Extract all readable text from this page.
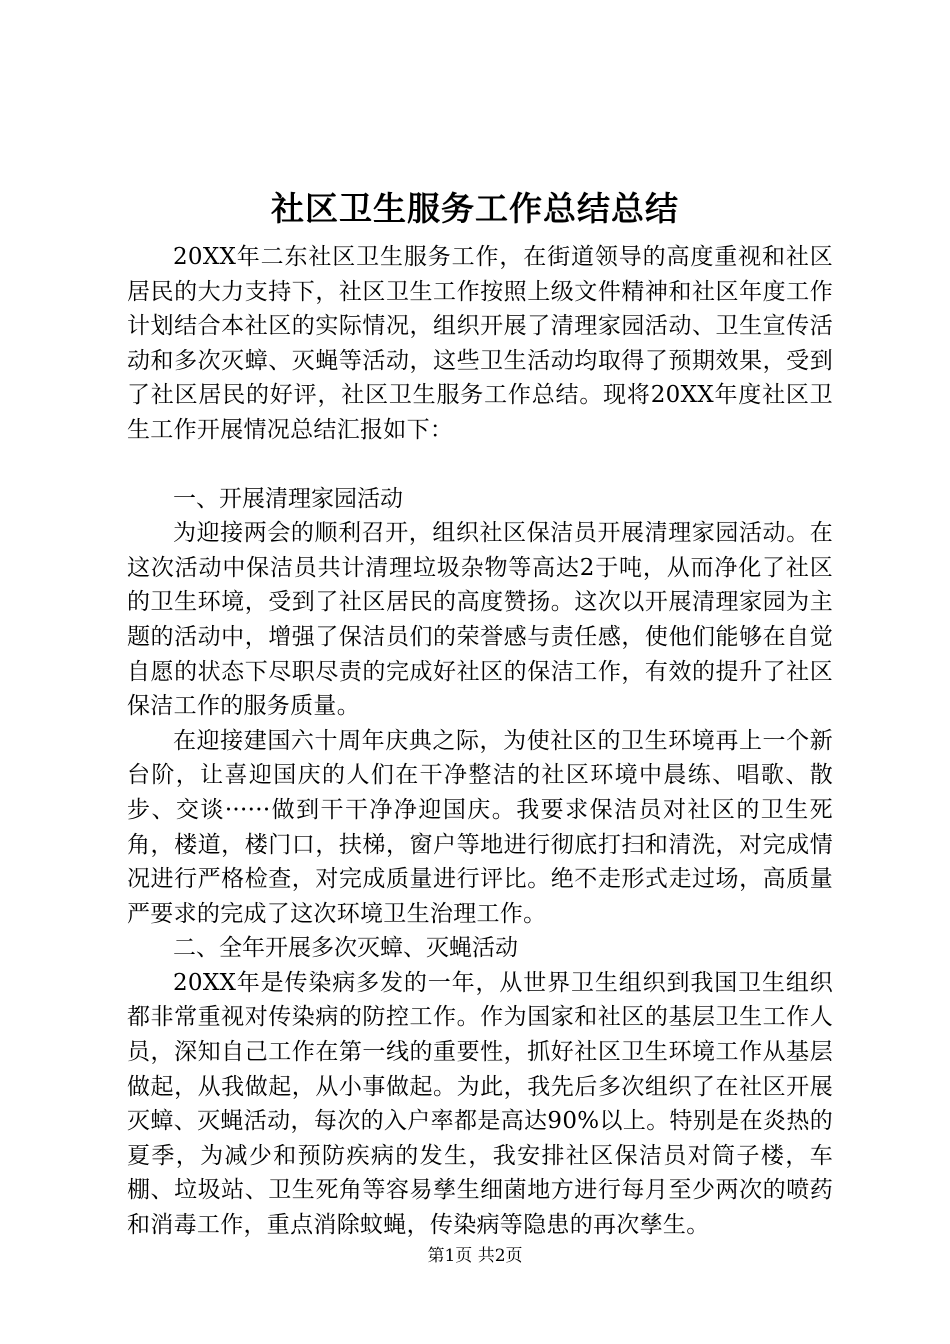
社区卫生服务工作总结总结

20XX年二东社区卫生服务工作，在街道领导的高度重视和社区居民的大力支持下，社区卫生工作按照上级文件精神和社区年度工作计划结合本社区的实际情况，组织开展了清理家园活动、卫生宣传活动和多次灭蟑、灭蝇等活动，这些卫生活动均取得了预期效果，受到了社区居民的好评，社区卫生服务工作总结。现将20XX年度社区卫生工作开展情况总结汇报如下：

一、开展清理家园活动

为迎接两会的顺利召开，组织社区保洁员开展清理家园活动。在这次活动中保洁员共计清理垃圾杂物等高达2于吨，从而净化了社区的卫生环境，受到了社区居民的高度赞扬。这次以开展清理家园为主题的活动中，增强了保洁员们的荣誉感与责任感，使他们能够在自觉自愿的状态下尽职尽责的完成好社区的保洁工作，有效的提升了社区保洁工作的服务质量。

在迎接建国六十周年庆典之际，为使社区的卫生环境再上一个新台阶，让喜迎国庆的人们在干净整洁的社区环境中晨练、唱歌、散步、交谈······做到干干净净迎国庆。我要求保洁员对社区的卫生死角，楼道，楼门口，扶梯，窗户等地进行彻底打扫和清洗，对完成情况进行严格检查，对完成质量进行评比。绝不走形式走过场，高质量严要求的完成了这次环境卫生治理工作。

二、全年开展多次灭蟑、灭蝇活动

20XX年是传染病多发的一年，从世界卫生组织到我国卫生组织都非常重视对传染病的防控工作。作为国家和社区的基层卫生工作人员，深知自己工作在第一线的重要性，抓好社区卫生环境工作从基层做起，从我做起，从小事做起。为此，我先后多次组织了在社区开展灭蟑、灭蝇活动，每次的入户率都是高达90%以上。特别是在炎热的夏季，为减少和预防疾病的发生，我安排社区保洁员对筒子楼，车棚、垃圾站、卫生死角等容易孳生细菌地方进行每月至少两次的喷药和消毒工作，重点消除蚊蝇，传染病等隐患的再次孳生。

第1页 共2页
